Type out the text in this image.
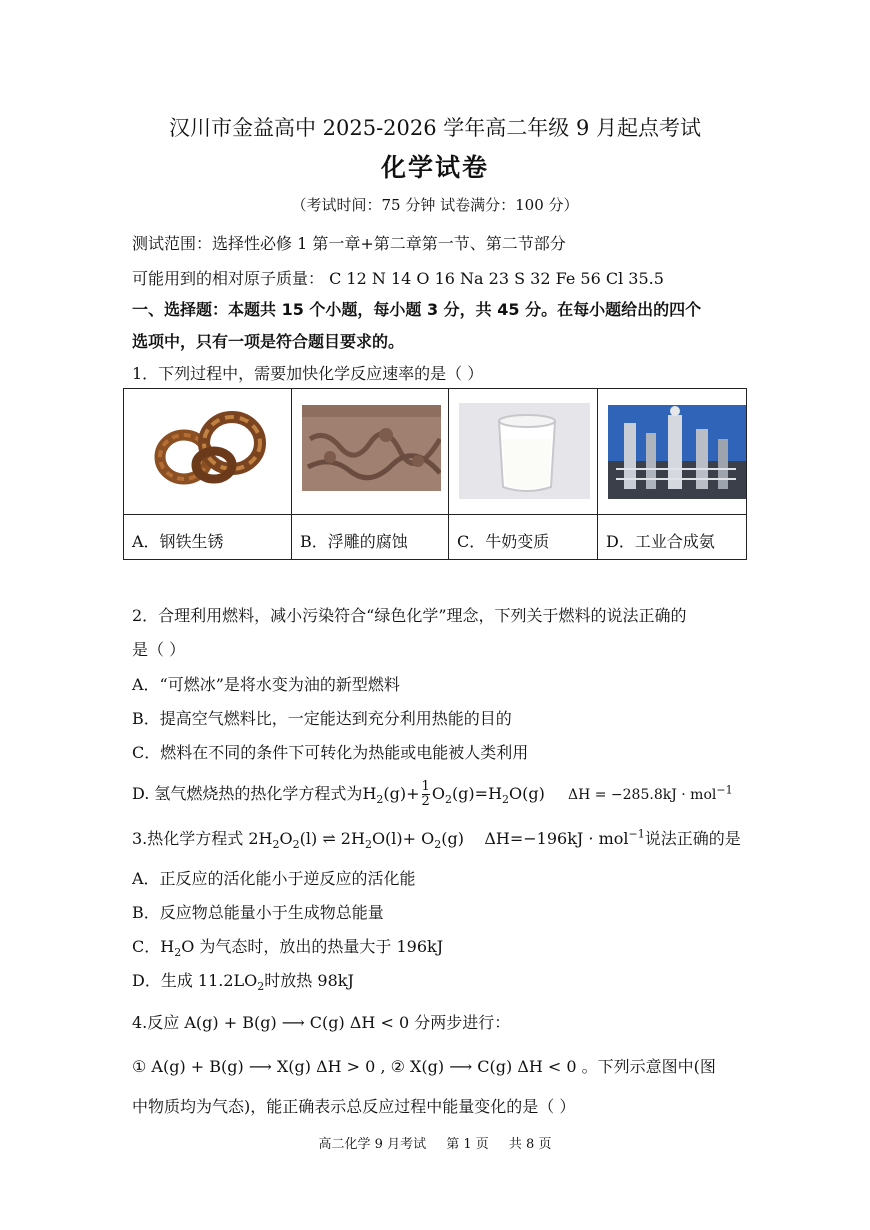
汉川市金益高中 2025-2026 学年高二年级 9 月起点考试
化学试卷
（考试时间：75 分钟 试卷满分：100 分）
测试范围：选择性必修 1 第一章+第二章第一节、第二节部分
可能用到的相对原子质量： C 12 N 14 O 16 Na 23 S 32 Fe 56 Cl 35.5
一、选择题：本题共 15 个小题，每小题 3 分，共 45 分。在每小题给出的四个
选项中，只有一项是符合题目要求的。
1．下列过程中，需要加快化学反应速率的是（ ）
A．钢铁生锈	B．浮雕的腐蚀	C．牛奶变质	D．工业合成氨
2．合理利用燃料，减小污染符合“绿色化学”理念，下列关于燃料的说法正确的
是（ ）
A．“可燃冰”是将水变为油的新型燃料
B．提高空气燃料比，一定能达到充分利用热能的目的
C．燃料在不同的条件下可转化为热能或电能被人类利用
D. 氢气燃烧热的热化学方程式为$H_2(g)+ \frac{1}{2} O_2(g)=H_2O(g) \Delta H = -285.8kJ \cdot mol^{-1}$
3.热化学方程式 $2H_2O_2(l)$ ⇌ $2H_2O(l)+ O_2(g)$    ΔH=−196kJ · mol$^{-1}$说法正确的是
A．正反应的活化能小于逆反应的活化能
B．反应物总能量小于生成物总能量
C．$H_2O$ 为气态时，放出的热量大于 196kJ
D．生成 $11.2LO_2$时放热 98kJ
4.反应 A(g) + B(g) ⟶ C(g) ΔH < 0 分两步进行：
① A(g) + B(g) ⟶ X(g) ΔH > 0 , ② X(g) ⟶ C(g) ΔH < 0 。下列示意图中(图
中物质均为气态)，能正确表示总反应过程中能量变化的是（ ）
高二化学 9 月考试 第 1 页 共 8 页
